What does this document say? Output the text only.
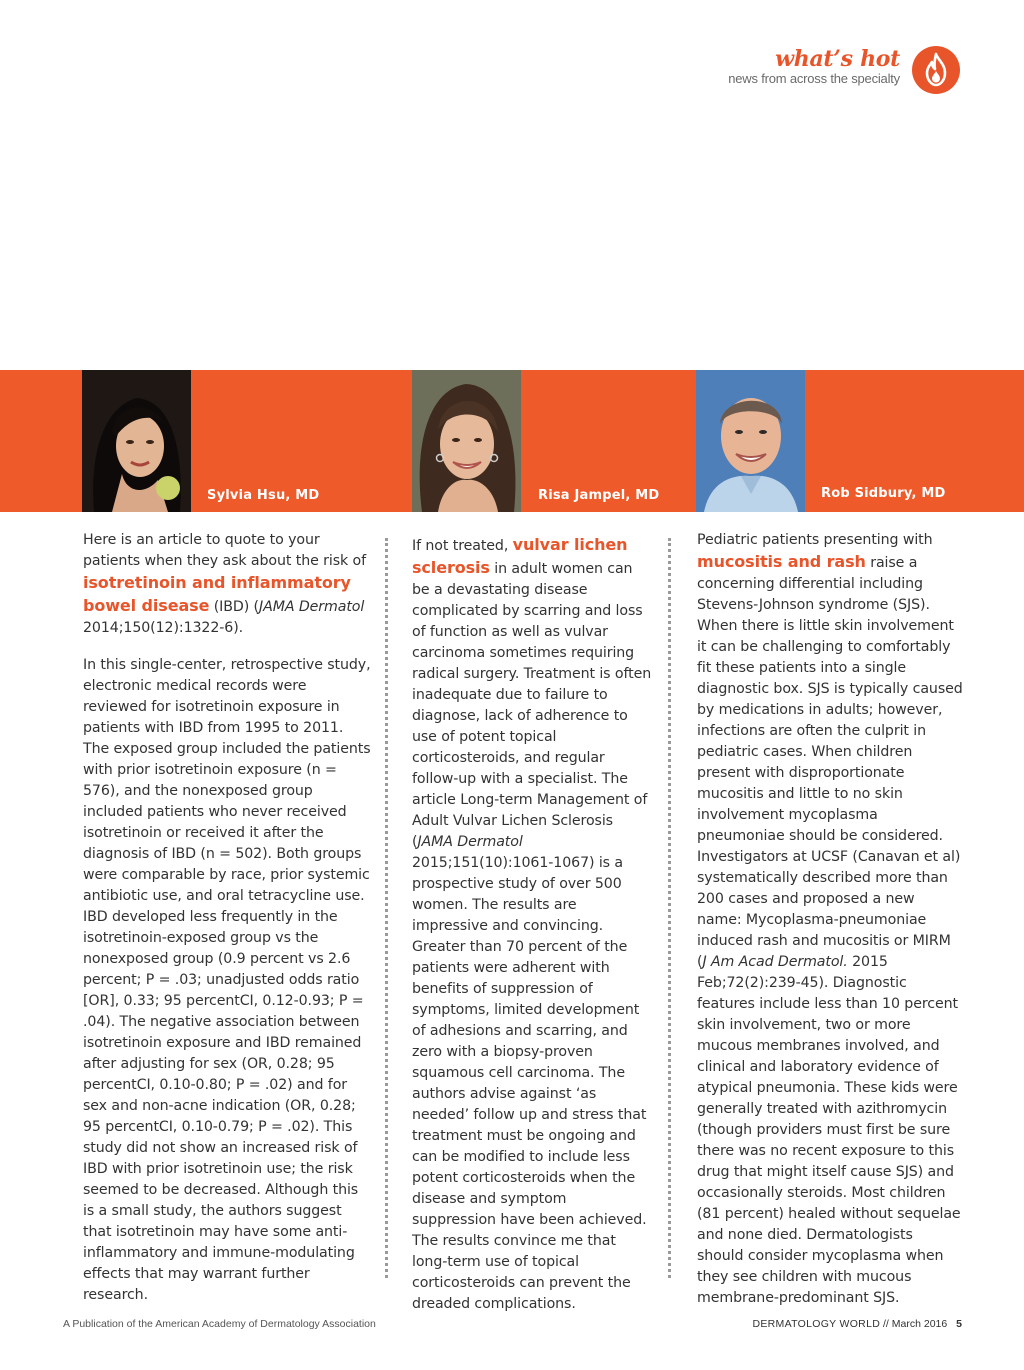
what’s hot
news from across the specialty
Sylvia Hsu, MD	Risa Jampel, MD	Rob Sidbury, MD

Here is an article to quote to your patients when they ask about the risk of isotretinoin and inflammatory bowel disease (IBD) (JAMA Dermatol 2014;150(12):1322-6).

In this single-center, retrospective study, electronic medical records were reviewed for isotretinoin exposure in patients with IBD from 1995 to 2011. The exposed group included the patients with prior isotretinoin exposure (n = 576), and the nonexposed group included patients who never received isotretinoin or received it after the diagnosis of IBD (n = 502). Both groups were comparable by race, prior systemic antibiotic use, and oral tetracycline use. IBD developed less frequently in the isotretinoin-exposed group vs the nonexposed group (0.9 percent vs 2.6 percent; P = .03; unadjusted odds ratio [OR], 0.33; 95 percentCI, 0.12-0.93; P = .04). The negative association between isotretinoin exposure and IBD remained after adjusting for sex (OR, 0.28; 95 percentCI, 0.10-0.80; P = .02) and for sex and non-acne indication (OR, 0.28; 95 percentCI, 0.10-0.79; P = .02). This study did not show an increased risk of IBD with prior isotretinoin use; the risk seemed to be decreased. Although this is a small study, the authors suggest that isotretinoin may have some anti-inflammatory and immune-modulating effects that may warrant further research.

If not treated, vulvar lichen sclerosis in adult women can be a devastating disease complicated by scarring and loss of function as well as vulvar carcinoma sometimes requiring radical surgery. Treatment is often inadequate due to failure to diagnose, lack of adherence to use of potent topical corticosteroids, and regular follow-up with a specialist. The article Long-term Management of Adult Vulvar Lichen Sclerosis (JAMA Dermatol 2015;151(10):1061-1067) is a prospective study of over 500 women. The results are impressive and convincing. Greater than 70 percent of the patients were adherent with benefits of suppression of symptoms, limited development of adhesions and scarring, and zero with a biopsy-proven squamous cell carcinoma. The authors advise against ‘as needed’ follow up and stress that treatment must be ongoing and can be modified to include less potent corticosteroids when the disease and symptom suppression have been achieved. The results convince me that long-term use of topical corticosteroids can prevent the dreaded complications.

Pediatric patients presenting with mucositis and rash raise a concerning differential including Stevens-Johnson syndrome (SJS). When there is little skin involvement it can be challenging to comfortably fit these patients into a single diagnostic box. SJS is typically caused by medications in adults; however, infections are often the culprit in pediatric cases. When children present with disproportionate mucositis and little to no skin involvement mycoplasma pneumoniae should be considered. Investigators at UCSF (Canavan et al) systematically described more than 200 cases and proposed a new name: Mycoplasma-pneumoniae induced rash and mucositis or MIRM (J Am Acad Dermatol. 2015 Feb;72(2):239-45). Diagnostic features include less than 10 percent skin involvement, two or more mucous membranes involved, and clinical and laboratory evidence of atypical pneumonia. These kids were generally treated with azithromycin (though providers must first be sure there was no recent exposure to this drug that might itself cause SJS) and occasionally steroids. Most children (81 percent) healed without sequelae and none died. Dermatologists should consider mycoplasma when they see children with mucous membrane-predominant SJS.

A Publication of the American Academy of Dermatology Association	DERMATOLOGY WORLD // March 2016 5
